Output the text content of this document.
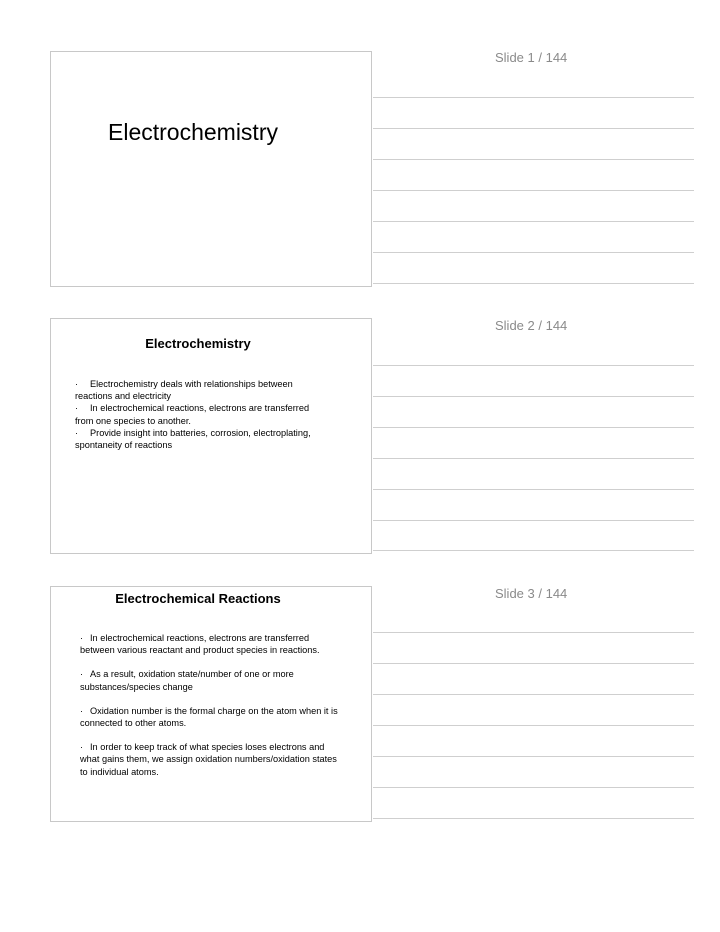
Electrochemistry
Slide 1 / 144
Electrochemistry
· Electrochemistry deals with relationships between
reactions and electricity
· In electrochemical reactions, electrons are transferred
from one species to another.
· Provide insight into batteries, corrosion, electroplating,
spontaneity of reactions
Slide 2 / 144
Electrochemical Reactions
· In electrochemical reactions, electrons are transferred
between various reactant and product species in reactions.
· As a result, oxidation state/number of one or more
substances/species change
· Oxidation number is the formal charge on the atom when it is
connected to other atoms.
· In order to keep track of what species loses electrons and
what gains them, we assign oxidation numbers/oxidation states
to individual atoms.
Slide 3 / 144
